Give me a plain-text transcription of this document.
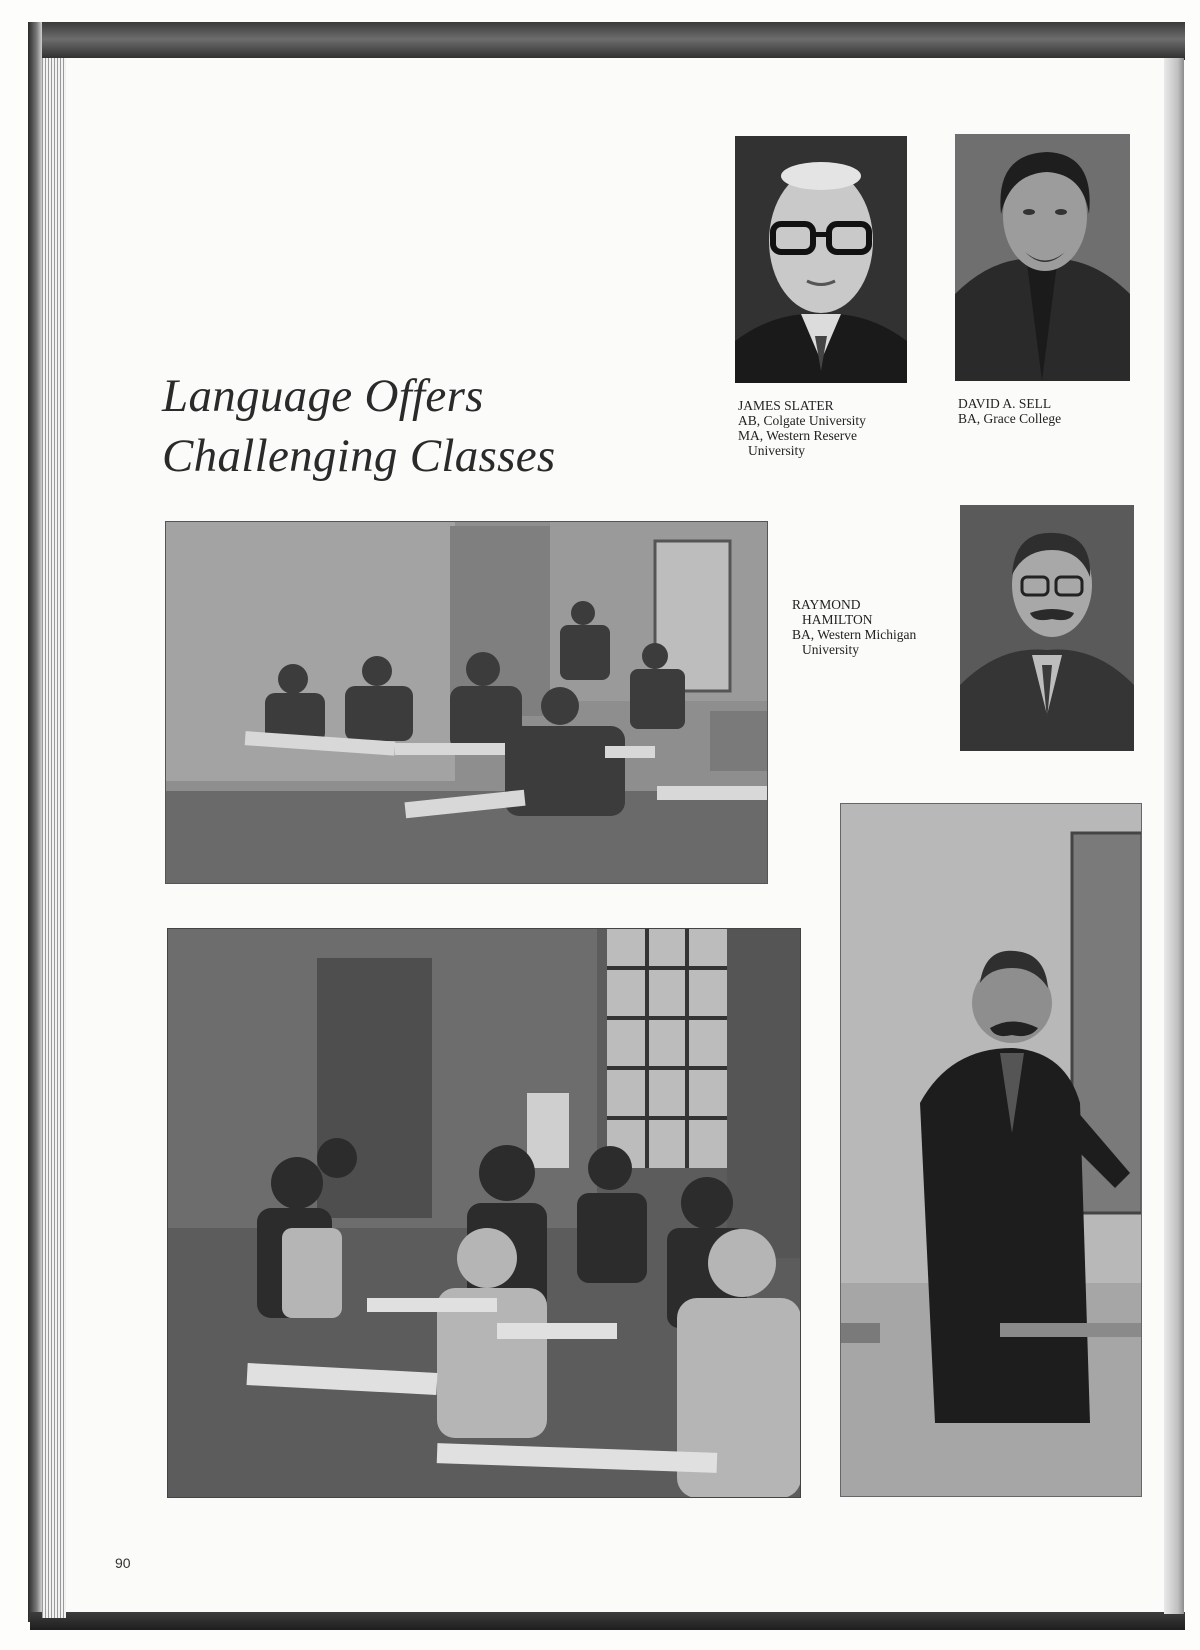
Language Offers
Challenging Classes
JAMES SLATER
AB, Colgate University
MA, Western Reserve
University
DAVID A. SELL
BA, Grace College
RAYMOND
HAMILTON
BA, Western Michigan
University
90
